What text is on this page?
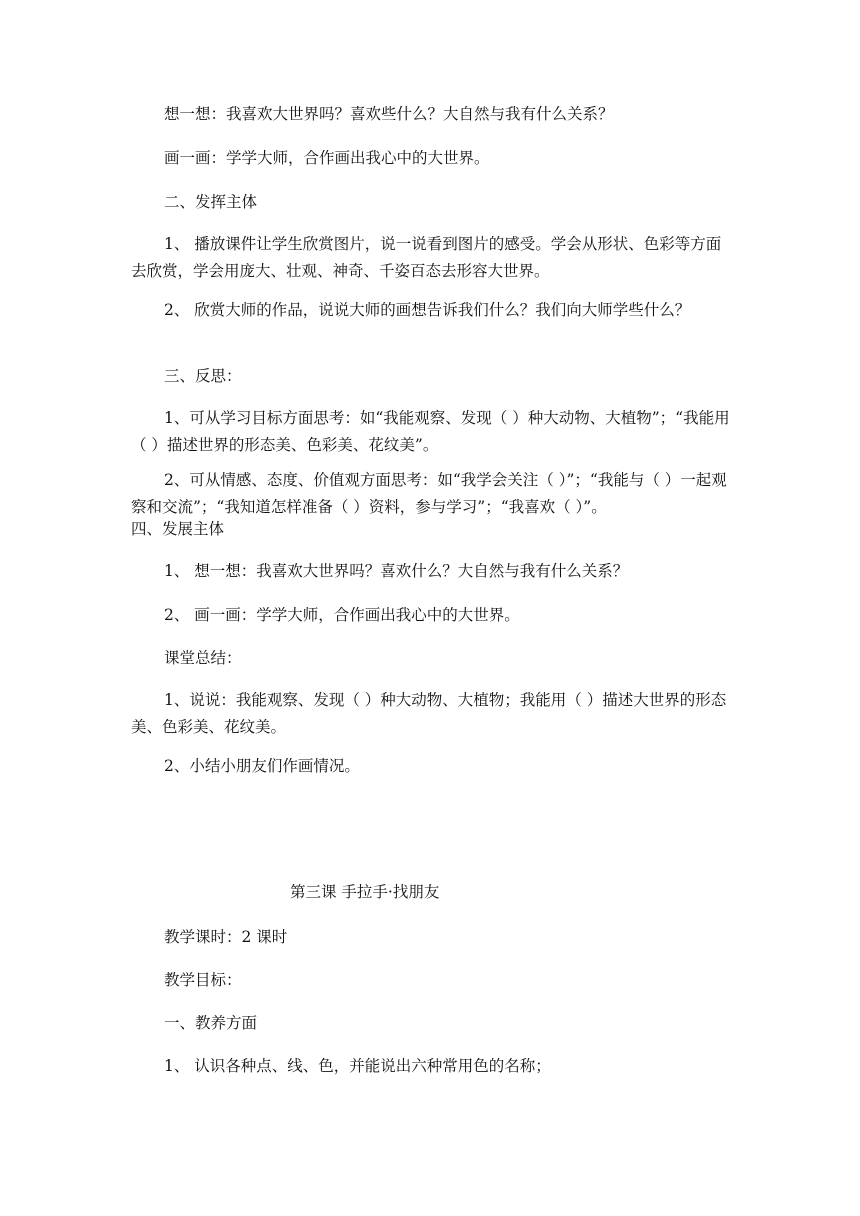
想一想：我喜欢大世界吗？喜欢些什么？大自然与我有什么关系？

画一画：学学大师，合作画出我心中的大世界。

二、发挥主体

1、 播放课件让学生欣赏图片，说一说看到图片的感受。学会从形状、色彩等方面去欣赏，学会用庞大、壮观、神奇、千姿百态去形容大世界。

2、 欣赏大师的作品，说说大师的画想告诉我们什么？我们向大师学些什么？

三、反思：

1、可从学习目标方面思考：如“我能观察、发现（ ）种大动物、大植物”；“我能用（ ）描述世界的形态美、色彩美、花纹美”。

2、可从情感、态度、价值观方面思考：如“我学会关注（ ）”；“我能与（ ）一起观察和交流”；“我知道怎样准备（ ）资料，参与学习”；“我喜欢（ ）”。

四、发展主体

1、 想一想：我喜欢大世界吗？喜欢什么？大自然与我有什么关系？

2、 画一画：学学大师，合作画出我心中的大世界。

课堂总结：

1、说说：我能观察、发现（ ）种大动物、大植物；我能用（ ）描述大世界的形态美、色彩美、花纹美。

2、小结小朋友们作画情况。

第三课 手拉手·找朋友

教学课时：2 课时

教学目标：

一、教养方面

1、 认识各种点、线、色，并能说出六种常用色的名称；
